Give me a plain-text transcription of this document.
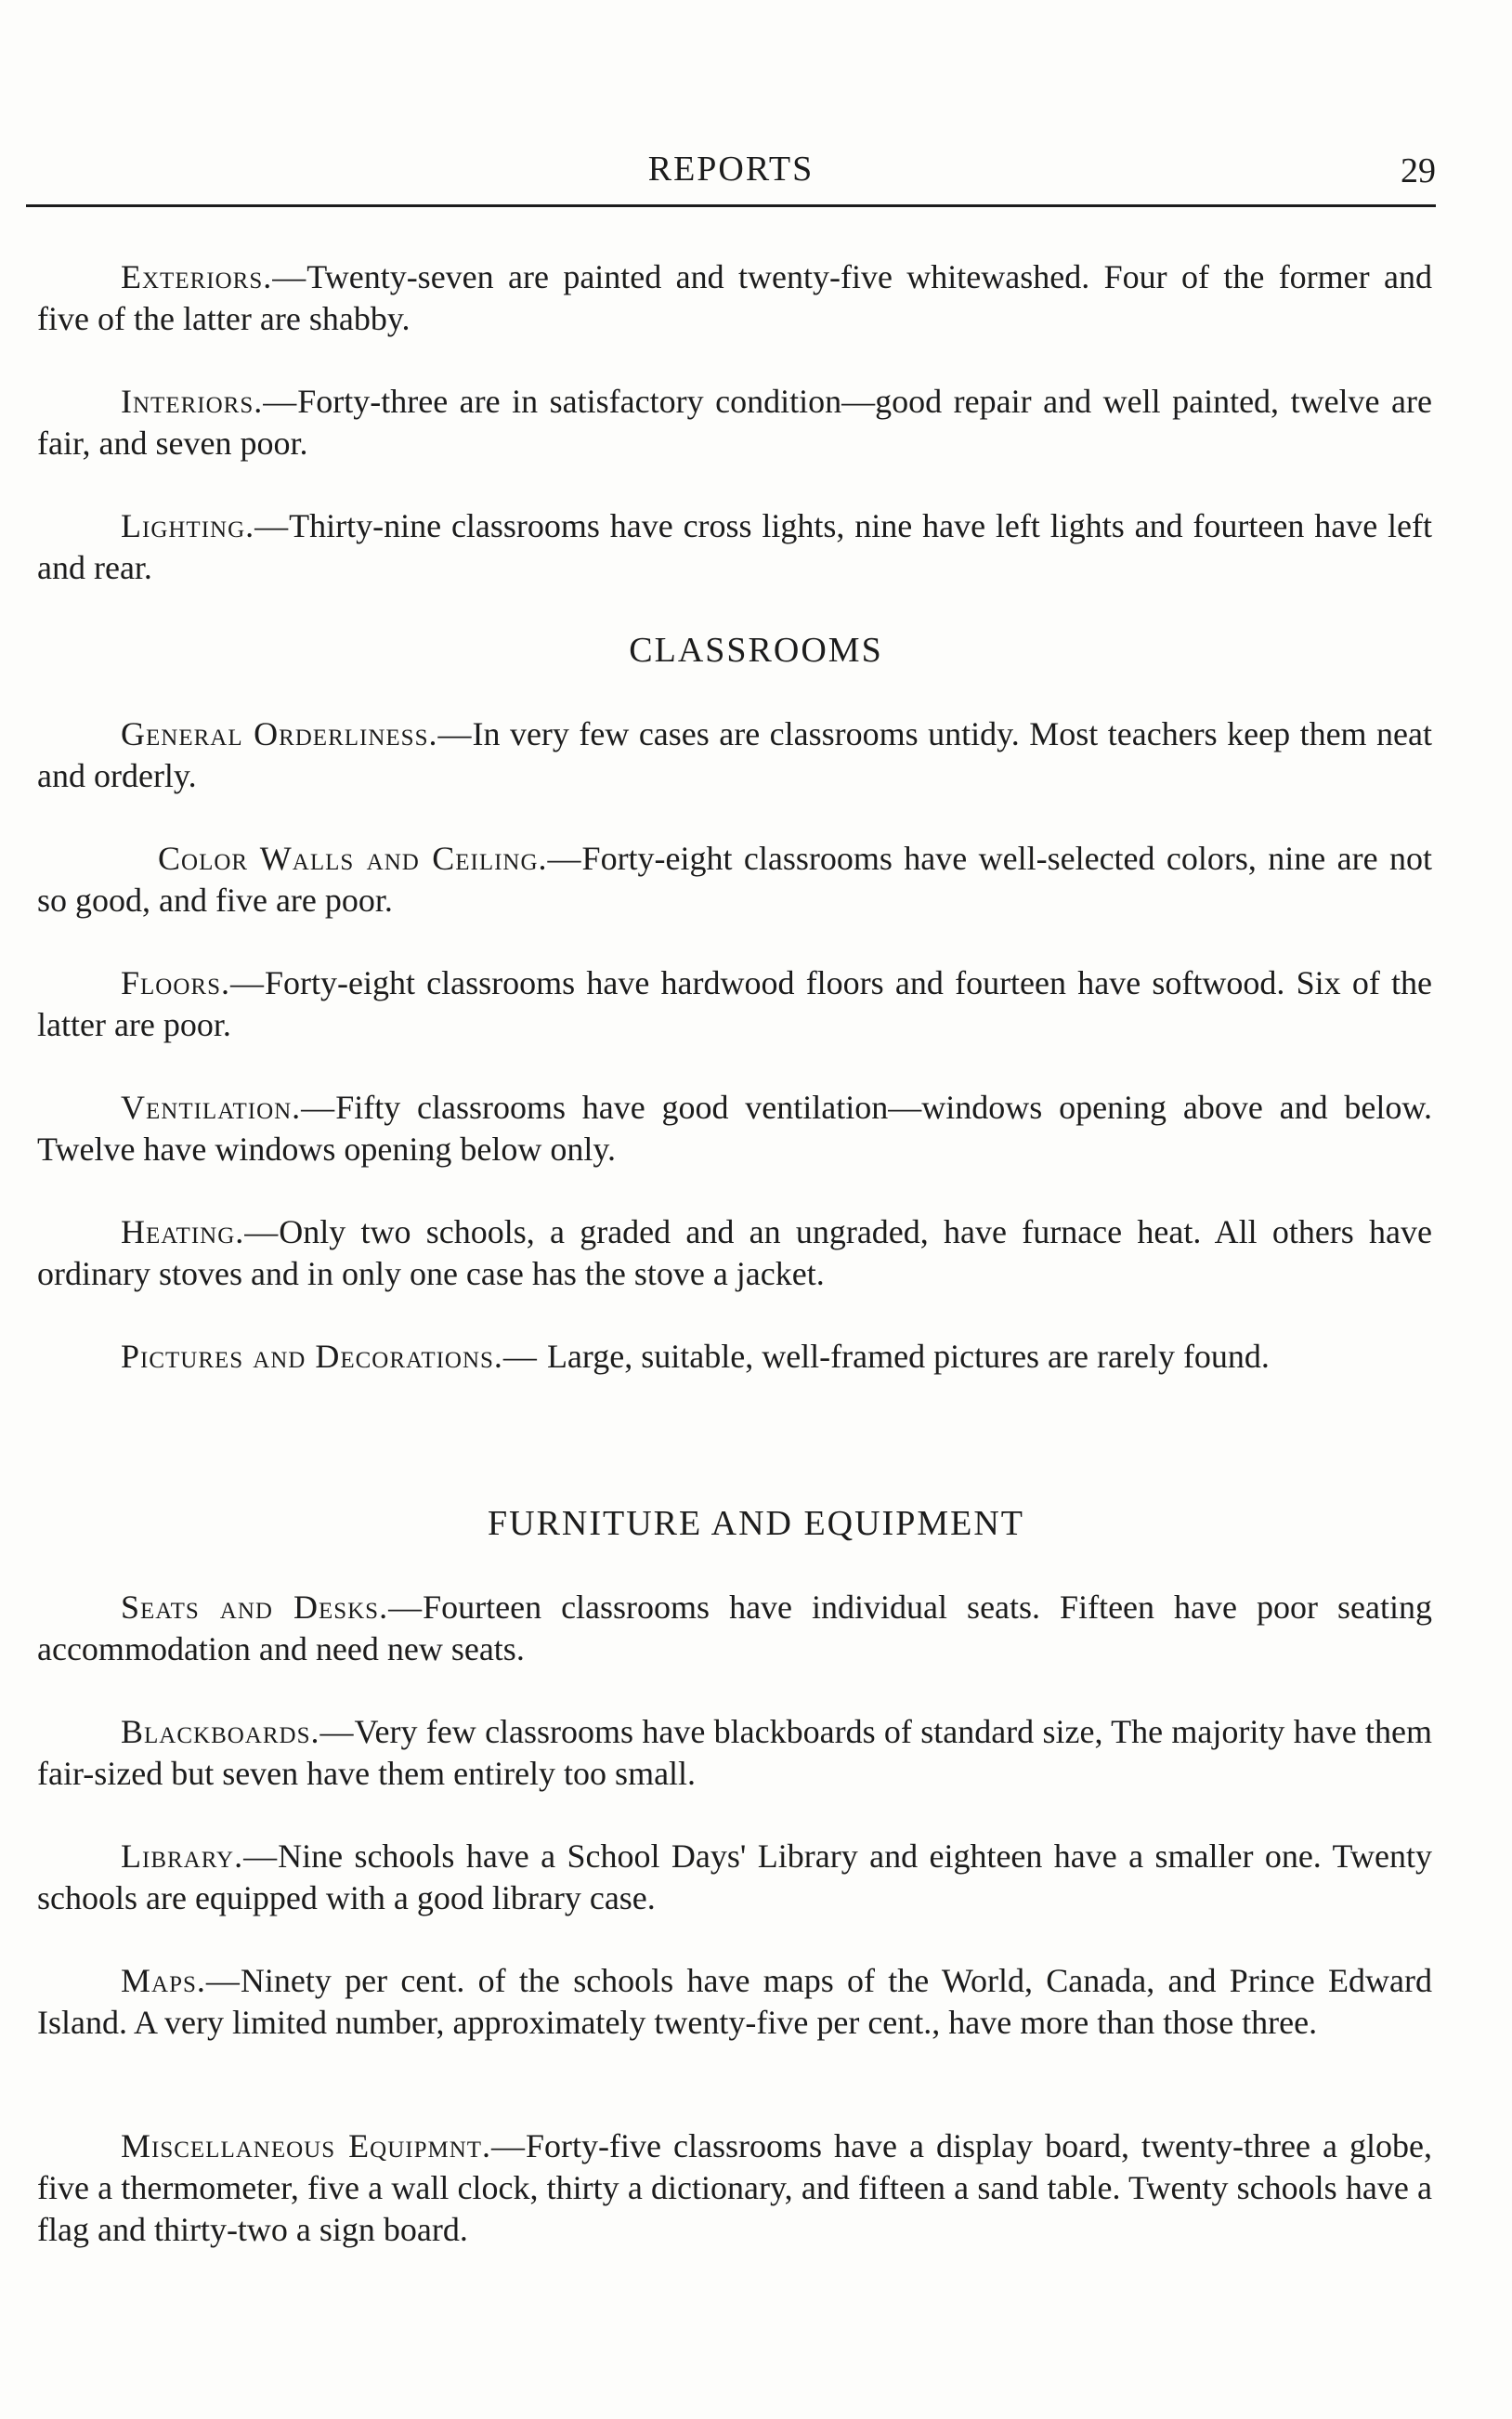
REPORTS	29

Exteriors.—Twenty-seven are painted and twenty-five whitewashed. Four of the former and five of the latter are shabby.

Interiors.—Forty-three are in satisfactory condition—good repair and well painted, twelve are fair, and seven poor.

Lighting.—Thirty-nine classrooms have cross lights, nine have left lights and fourteen have left and rear.

CLASSROOMS

General Orderliness.—In very few cases are classrooms untidy. Most teachers keep them neat and orderly.

Color Walls and Ceiling.—Forty-eight classrooms have well-selected colors, nine are not so good, and five are poor.

Floors.—Forty-eight classrooms have hardwood floors and fourteen have softwood. Six of the latter are poor.

Ventilation.—Fifty classrooms have good ventilation—windows opening above and below. Twelve have windows opening below only.

Heating.—Only two schools, a graded and an ungraded, have furnace heat. All others have ordinary stoves and in only one case has the stove a jacket.

Pictures and Decorations.— Large, suitable, well-framed pictures are rarely found.

FURNITURE AND EQUIPMENT

Seats and Desks.—Fourteen classrooms have individual seats. Fifteen have poor seating accommodation and need new seats.

Blackboards.—Very few classrooms have blackboards of standard size, The majority have them fair-sized but seven have them entirely too small.

Library.—Nine schools have a School Days' Library and eighteen have a smaller one. Twenty schools are equipped with a good library case.

Maps.—Ninety per cent. of the schools have maps of the World, Canada, and Prince Edward Island. A very limited number, approximately twenty-five per cent., have more than those three.

Miscellaneous Equipmnt.—Forty-five classrooms have a display board, twenty-three a globe, five a thermometer, five a wall clock, thirty a dictionary, and fifteen a sand table. Twenty schools have a flag and thirty-two a sign board.
